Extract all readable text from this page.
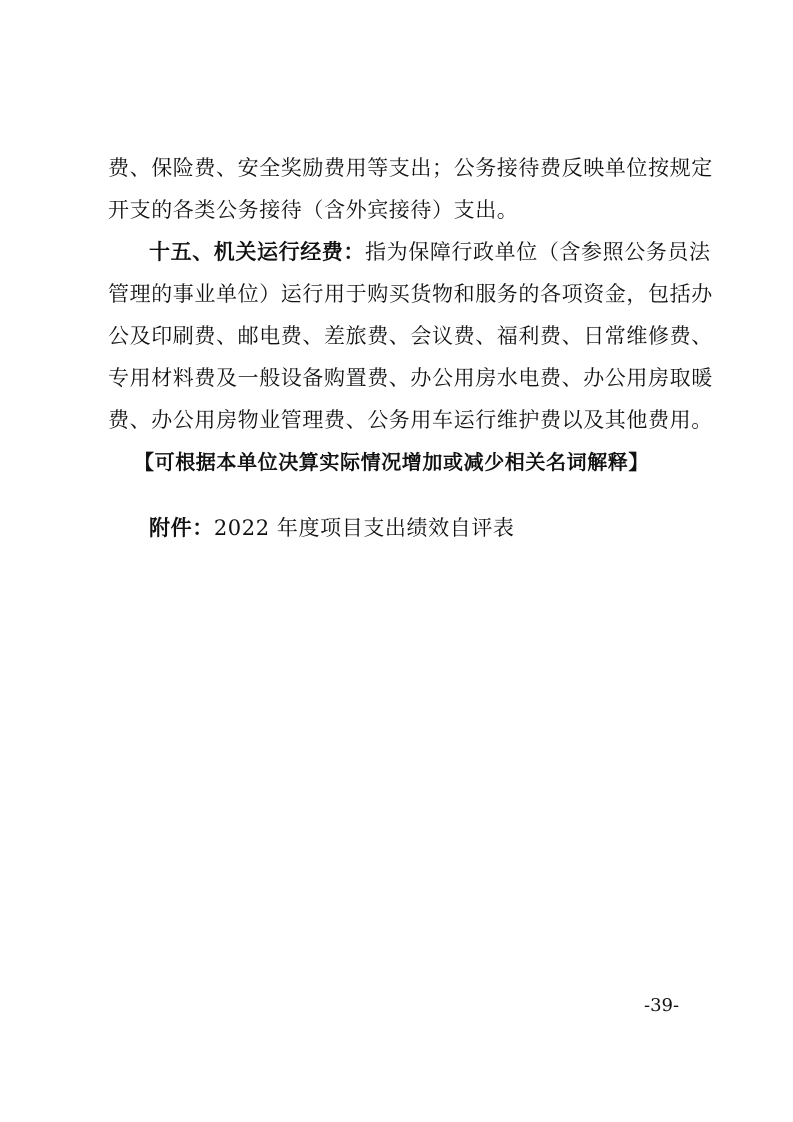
费、保险费、安全奖励费用等支出；公务接待费反映单位按规定
开支的各类公务接待（含外宾接待）支出。
十五、机关运行经费：指为保障行政单位（含参照公务员法
管理的事业单位）运行用于购买货物和服务的各项资金，包括办
公及印刷费、邮电费、差旅费、会议费、福利费、日常维修费、
专用材料费及一般设备购置费、办公用房水电费、办公用房取暖
费、办公用房物业管理费、公务用车运行维护费以及其他费用。
【可根据本单位决算实际情况增加或减少相关名词解释】
附件：2022 年度项目支出绩效自评表
-39-
